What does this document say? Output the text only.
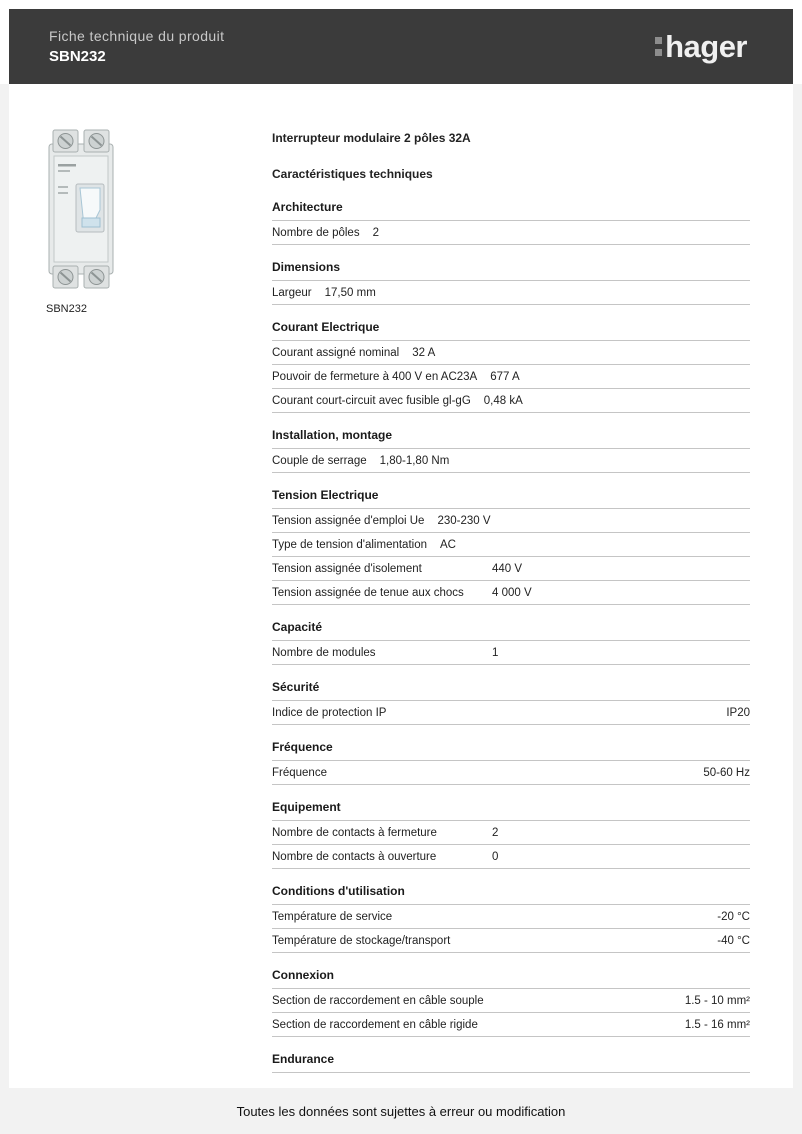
Fiche technique du produit
SBN232	hager
SBN232
Interrupteur modulaire 2 pôles 32A
Caractéristiques techniques
Architecture
Nombre de pôles 2
Dimensions
Largeur 17,50 mm
Courant Electrique
Courant assigné nominal 32 A
Pouvoir de fermeture à 400 V en AC23A 677 A
Courant court-circuit avec fusible gl-gG 0,48 kA
Installation, montage
Couple de serrage 1,80-1,80 Nm
Tension Electrique
Tension assignée d'emploi Ue 230-230 V
Type de tension d'alimentation AC
Tension assignée d'isolement	440 V
Tension assignée de tenue aux chocs 4 000 V
Capacité
Nombre de modules	1
Sécurité
Indice de protection IP	IP20
Fréquence
Fréquence	50-60 Hz
Equipement
Nombre de contacts à fermeture	2
Nombre de contacts à ouverture	0
Conditions d'utilisation
Température de service	-20 °C
Température de stockage/transport	-40 °C
Connexion
Section de raccordement en câble souple	1.5 - 10 mm²
Section de raccordement en câble rigide	1.5 - 16 mm²
Endurance
Toutes les données sont sujettes à erreur ou modification
